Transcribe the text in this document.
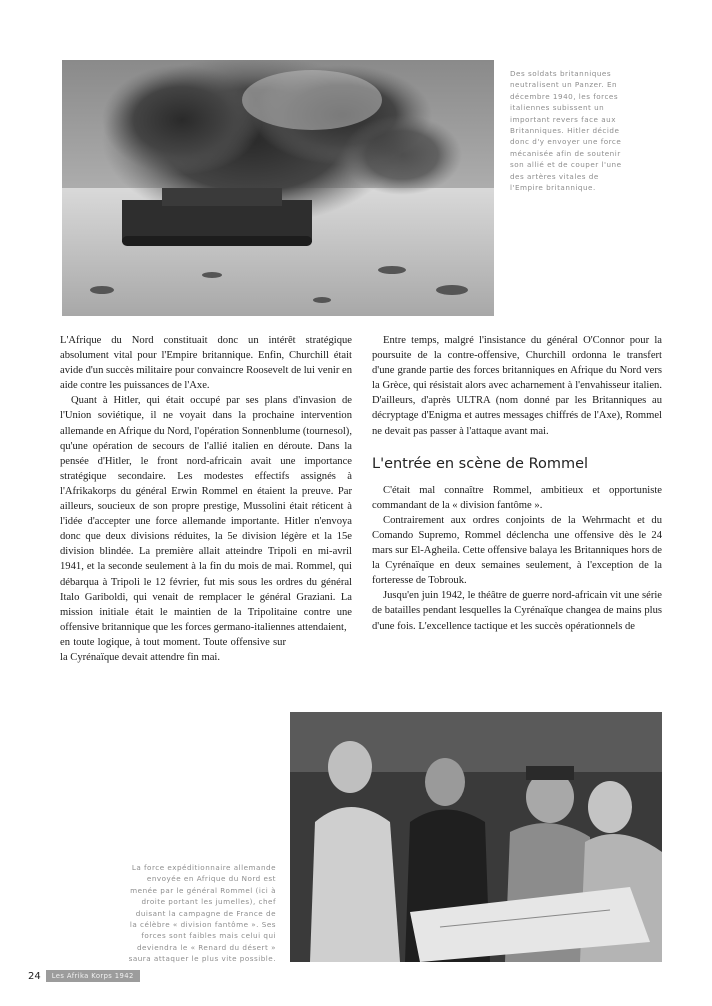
Des soldats britanniques
neutralisent un Panzer. En
décembre 1940, les forces
italiennes subissent un
important revers face aux
Britanniques. Hitler décide
donc d'y envoyer une force
mécanisée afin de soutenir
son allié et de couper l'une
des artères vitales de
l'Empire britannique.

L'Afrique du Nord constituait donc un intérêt stratégique absolument vital pour l'Empire britannique. Enfin, Churchill était avide d'un succès militaire pour convaincre Roosevelt de lui venir en aide contre les puissances de l'Axe.

Quant à Hitler, qui était occupé par ses plans d'invasion de l'Union soviétique, il ne voyait dans la prochaine intervention allemande en Afrique du Nord, l'opération Sonnenblume (tournesol), qu'une opération de secours de l'allié italien en déroute. Dans la pensée d'Hitler, le front nord-africain avait une importance stratégique secondaire. Les modestes effectifs assignés à l'Afrikakorps du général Erwin Rommel en étaient la preuve. Par ailleurs, soucieux de son propre prestige, Mussolini était réticent à l'idée d'accepter une force allemande importante. Hitler n'envoya donc que deux divisions réduites, la 5e division légère et la 15e division blindée. La première allait atteindre Tripoli en mi-avril 1941, et la seconde seulement à la fin du mois de mai. Rommel, qui débarqua à Tripoli le 12 février, fut mis sous les ordres du général Italo Gariboldi, qui venait de remplacer le général Graziani. La mission initiale était le maintien de la Tripolitaine contre une offensive britannique que les forces germano-italiennes attendaient,

en toute logique, à tout moment. Toute offensive sur la Cyrénaïque devait attendre fin mai.

Entre temps, malgré l'insistance du général O'Connor pour la poursuite de la contre-offensive, Churchill ordonna le transfert d'une grande partie des forces britanniques en Afrique du Nord vers la Grèce, qui résistait alors avec acharnement à l'envahisseur italien. D'ailleurs, d'après ULTRA (nom donné par les Britanniques au décryptage d'Enigma et autres messages chiffrés de l'Axe), Rommel ne devait pas passer à l'attaque avant mai.

L'entrée en scène de Rommel

C'était mal connaître Rommel, ambitieux et opportuniste commandant de la « division fantôme ».

Contrairement aux ordres conjoints de la Wehrmacht et du Comando Supremo, Rommel déclencha une offensive dès le 24 mars sur El-Agheila. Cette offensive balaya les Britanniques hors de la Cyrénaïque en deux semaines seulement, à l'exception de la forteresse de Tobrouk.

Jusqu'en juin 1942, le théâtre de guerre nord-africain vit une série de batailles pendant lesquelles la Cyrénaïque changea de mains plus d'une fois. L'excellence tactique et les succès opérationnels de

La force expéditionnaire allemande
envoyée en Afrique du Nord est
menée par le général Rommel (ici à
droite portant les jumelles), chef
duisant la campagne de France de
la célèbre « division fantôme ». Ses
forces sont faibles mais celui qui
deviendra le « Renard du désert »
saura attaquer le plus vite possible.
24	Les Afrika Korps 1942
